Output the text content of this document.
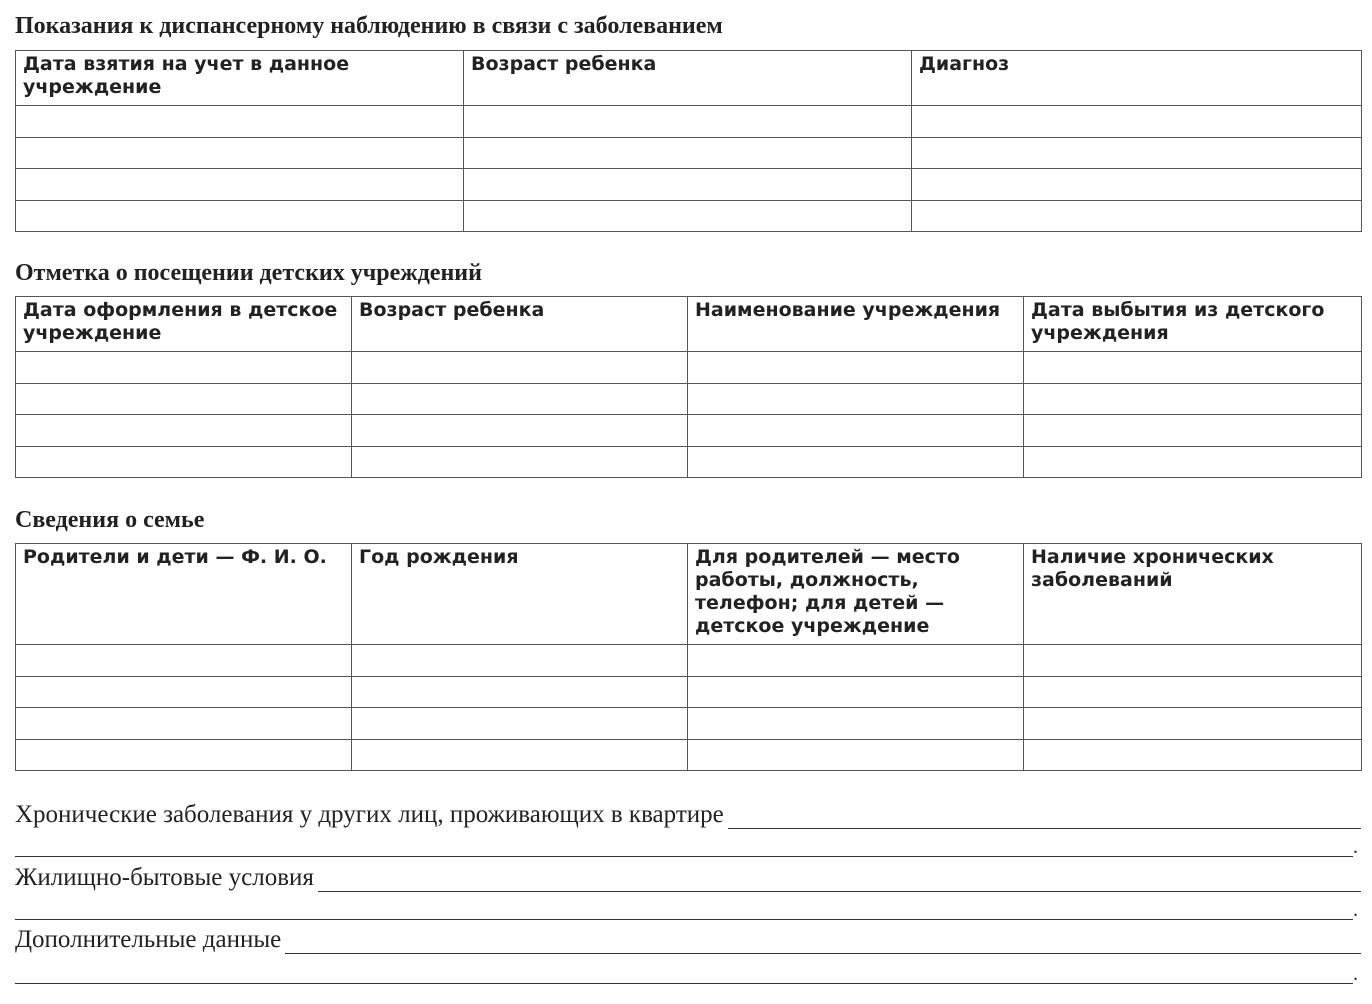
Показания к диспансерному наблюдению в связи с заболеванием
Дата взятия на учет в данное учреждение	Возраст ребенка	Диагноз

Отметка о посещении детских учреждений
Дата оформления в детское учреждение	Возраст ребенка	Наименование учреждения	Дата выбытия из детского учреждения

Сведения о семье
Родители и дети — Ф. И. О.	Год рождения	Для родителей — место работы, должность, телефон; для детей — детское учреждение	Наличие хронических заболеваний

Хронические заболевания у других лиц, проживающих в квартире
.
Жилищно-бытовые условия
.
Дополнительные данные
.
